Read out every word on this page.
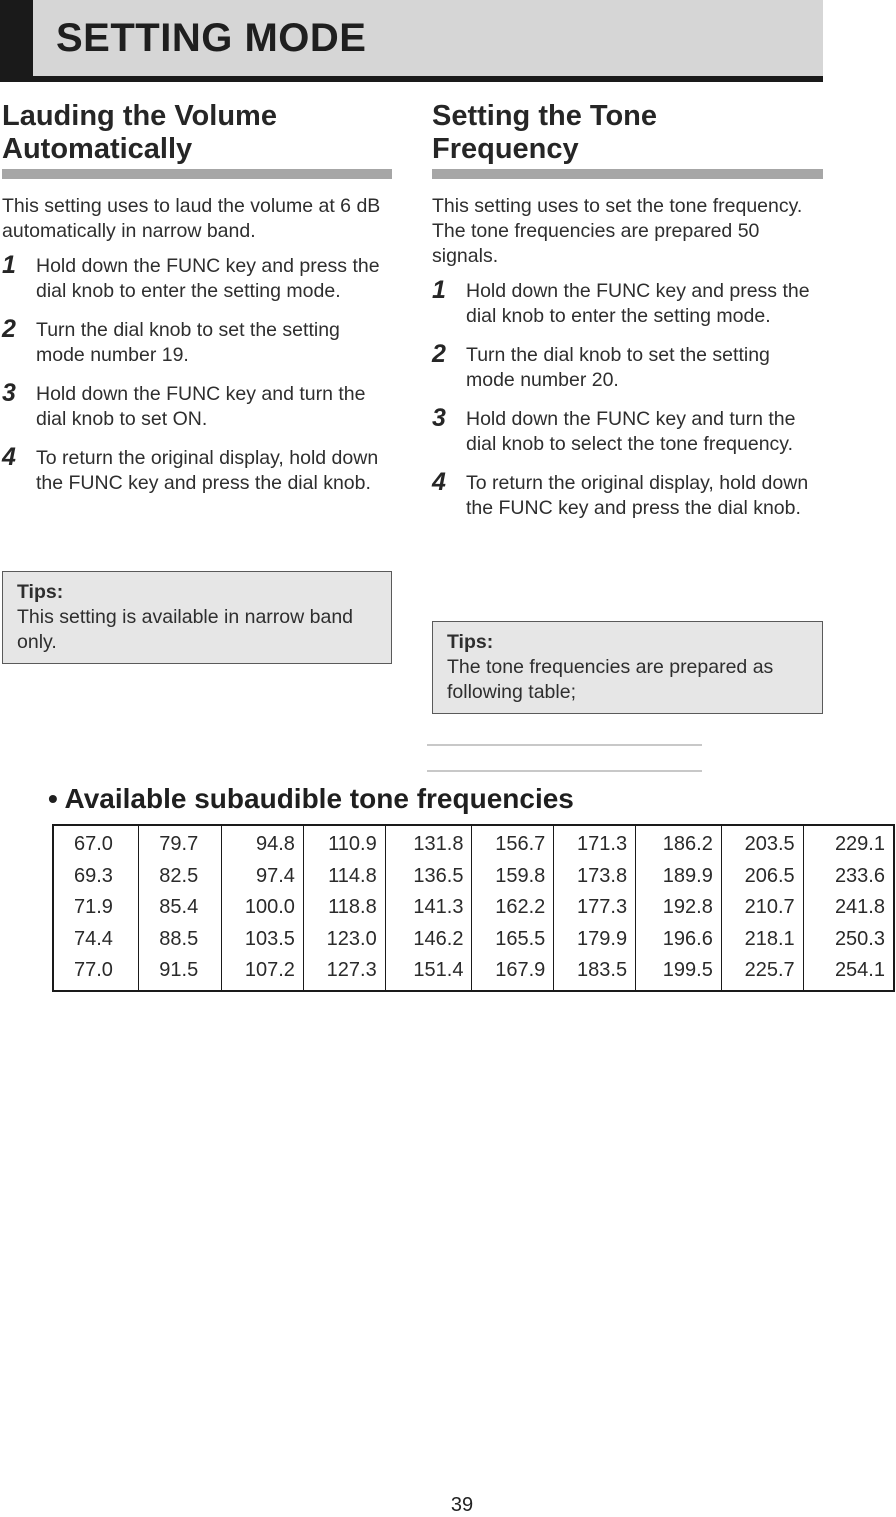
SETTING MODE
Lauding the Volume
Automatically

This setting uses to laud the volume at 6 dB automatically in narrow band.

1 Hold down the FUNC key and press the dial knob to enter the setting mode.
2 Turn the dial knob to set the setting mode number 19.
3 Hold down the FUNC key and turn the dial knob to set ON.
4 To return the original display, hold down the FUNC key and press the dial knob.
Tips:
This setting is available in narrow band only.
Setting the Tone
Frequency

This setting uses to set the tone frequency. The tone frequencies are prepared 50 signals.

1 Hold down the FUNC key and press the dial knob to enter the setting mode.
2 Turn the dial knob to set the setting mode number 20.
3 Hold down the FUNC key and turn the dial knob to select the tone frequency.
4 To return the original display, hold down the FUNC key and press the dial knob.
Tips:
The tone frequencies are prepared as following table;
• Available subaudible tone frequencies
67.0	79.7	94.8	110.9	131.8	156.7	171.3	186.2	203.5	229.1
69.3	82.5	97.4	114.8	136.5	159.8	173.8	189.9	206.5	233.6
71.9	85.4	100.0	118.8	141.3	162.2	177.3	192.8	210.7	241.8
74.4	88.5	103.5	123.0	146.2	165.5	179.9	196.6	218.1	250.3
77.0	91.5	107.2	127.3	151.4	167.9	183.5	199.5	225.7	254.1
39
